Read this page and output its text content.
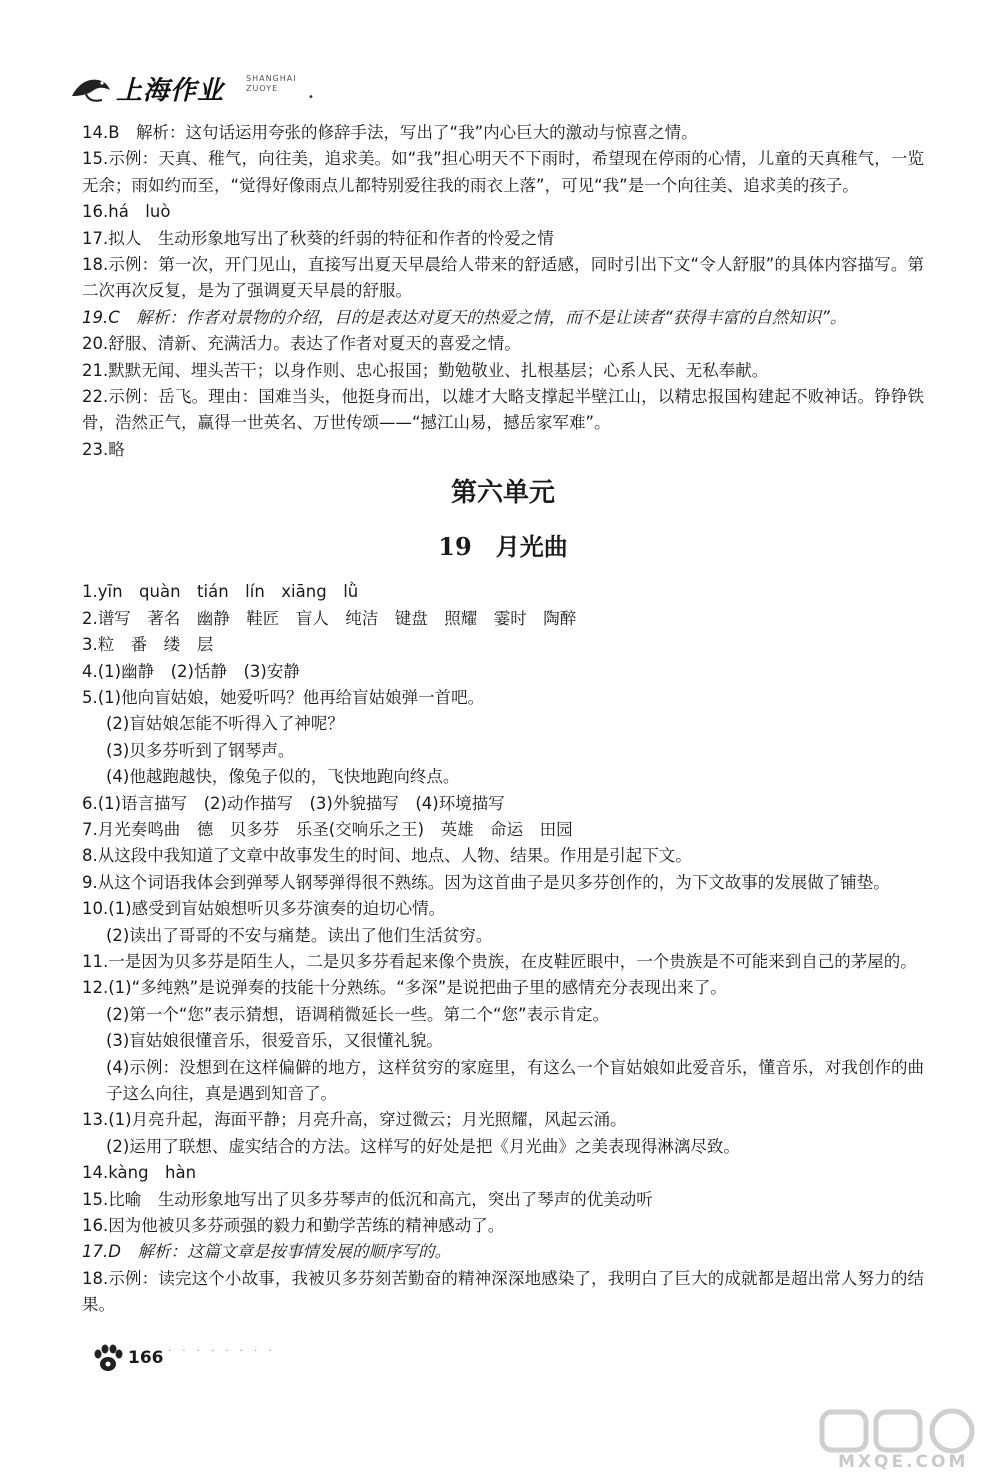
上海作业	SHANGHAI
ZUOYE
•
14.B　解析：这句话运用夸张的修辞手法，写出了“我”内心巨大的激动与惊喜之情。
15.示例：天真、稚气，向往美，追求美。如“我”担心明天不下雨时，希望现在停雨的心情，儿童的天真稚气，一览无余；雨如约而至，“觉得好像雨点儿都特别爱往我的雨衣上落”，可见“我”是一个向往美、追求美的孩子。
16.há　luò
17.拟人　生动形象地写出了秋葵的纤弱的特征和作者的怜爱之情
18.示例：第一次，开门见山，直接写出夏天早晨给人带来的舒适感，同时引出下文“令人舒服”的具体内容描写。第二次再次反复，是为了强调夏天早晨的舒服。
19.C　解析：作者对景物的介绍，目的是表达对夏天的热爱之情，而不是让读者“获得丰富的自然知识”。
20.舒服、清新、充满活力。表达了作者对夏天的喜爱之情。
21.默默无闻、埋头苦干；以身作则、忠心报国；勤勉敬业、扎根基层；心系人民、无私奉献。
22.示例：岳飞。理由：国难当头，他挺身而出，以雄才大略支撑起半壁江山，以精忠报国构建起不败神话。铮铮铁骨，浩然正气，赢得一世英名、万世传颂——“撼江山易，撼岳家军难”。
23.略
第六单元
19 月光曲
1.yīn　quàn　tián　lín　xiāng　lǜ
2.谱写　著名　幽静　鞋匠　盲人　纯洁　键盘　照耀　霎时　陶醉
3.粒　番　缕　层
4.(1)幽静　(2)恬静　(3)安静
5.(1)他向盲姑娘，她爱听吗？他再给盲姑娘弹一首吧。
(2)盲姑娘怎能不听得入了神呢？
(3)贝多芬听到了钢琴声。
(4)他越跑越快，像兔子似的，飞快地跑向终点。
6.(1)语言描写　(2)动作描写　(3)外貌描写　(4)环境描写
7.月光奏鸣曲　德　贝多芬　乐圣(交响乐之王)　英雄　命运　田园
8.从这段中我知道了文章中故事发生的时间、地点、人物、结果。作用是引起下文。
9.从这个词语我体会到弹琴人钢琴弹得很不熟练。因为这首曲子是贝多芬创作的，为下文故事的发展做了铺垫。
10.(1)感受到盲姑娘想听贝多芬演奏的迫切心情。
(2)读出了哥哥的不安与痛楚。读出了他们生活贫穷。
11.一是因为贝多芬是陌生人，二是贝多芬看起来像个贵族，在皮鞋匠眼中，一个贵族是不可能来到自己的茅屋的。
12.(1)“多纯熟”是说弹奏的技能十分熟练。“多深”是说把曲子里的感情充分表现出来了。
(2)第一个“您”表示猜想，语调稍微延长一些。第二个“您”表示肯定。
(3)盲姑娘很懂音乐，很爱音乐，又很懂礼貌。
(4)示例：没想到在这样偏僻的地方，这样贫穷的家庭里，有这么一个盲姑娘如此爱音乐，懂音乐，对我创作的曲子这么向往，真是遇到知音了。
13.(1)月亮升起，海面平静；月亮升高，穿过微云；月光照耀，风起云涌。
(2)运用了联想、虚实结合的方法。这样写的好处是把《月光曲》之美表现得淋漓尽致。
14.kàng　hàn
15.比喻　生动形象地写出了贝多芬琴声的低沉和高亢，突出了琴声的优美动听
16.因为他被贝多芬顽强的毅力和勤学苦练的精神感动了。
17.D　解析：这篇文章是按事情发展的顺序写的。
18.示例：读完这个小故事，我被贝多芬刻苦勤奋的精神深深地感染了，我明白了巨大的成就都是超出常人努力的结果。
166 · · · · · · · ·
MXQE.COM
